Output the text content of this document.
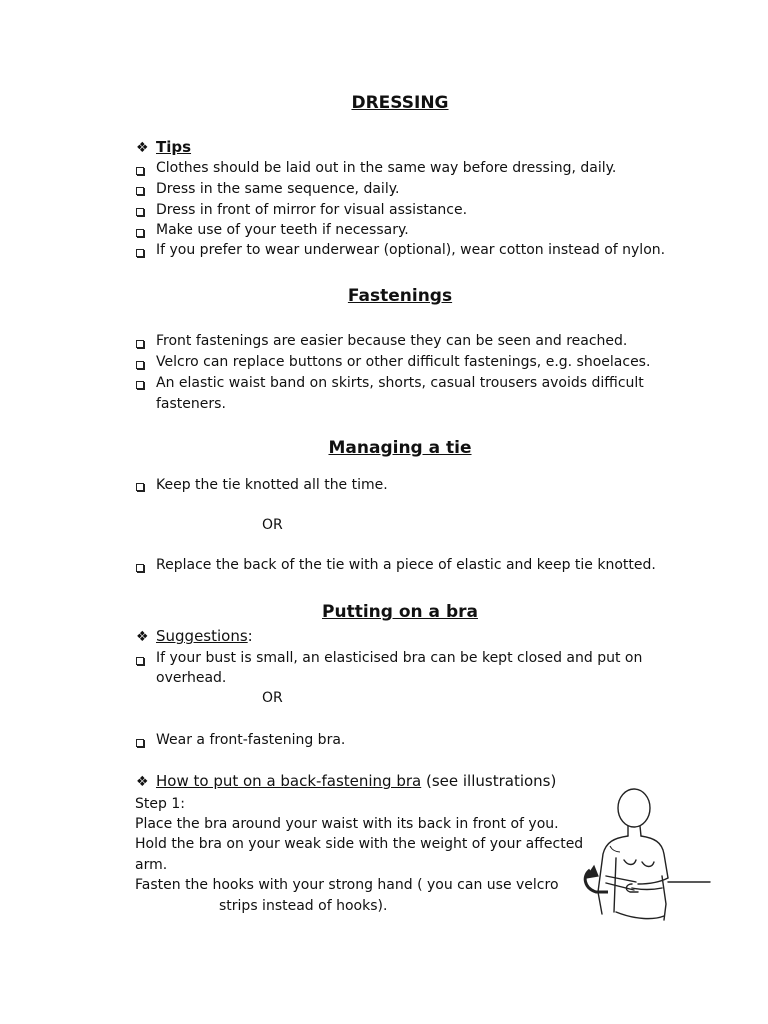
DRESSING
❖ Tips
Clothes should be laid out in the same way before dressing, daily.
Dress in the same sequence, daily.
Dress in front of mirror for visual assistance.
Make use of your teeth if necessary.
If you prefer to wear underwear (optional), wear cotton instead of nylon.
Fastenings
Front fastenings are easier because they can be seen and reached.
Velcro can replace buttons or other difficult fastenings, e.g. shoelaces.
An elastic waist band on skirts, shorts, casual trousers avoids difficult
fasteners.
Managing a tie
Keep the tie knotted all the time.
OR
Replace the back of the tie with a piece of elastic and keep tie knotted.
Putting on a bra
❖ Suggestions:
If your bust is small, an elasticised bra can be kept closed and put on
overhead.
OR
Wear a front-fastening bra.
❖ How to put on a back-fastening bra (see illustrations)
Step 1:
Place the bra around your waist with its back in front of you.
Hold the bra on your weak side with the weight of your affected
arm.
Fasten the hooks with your strong hand ( you can use velcro
strips instead of hooks).
